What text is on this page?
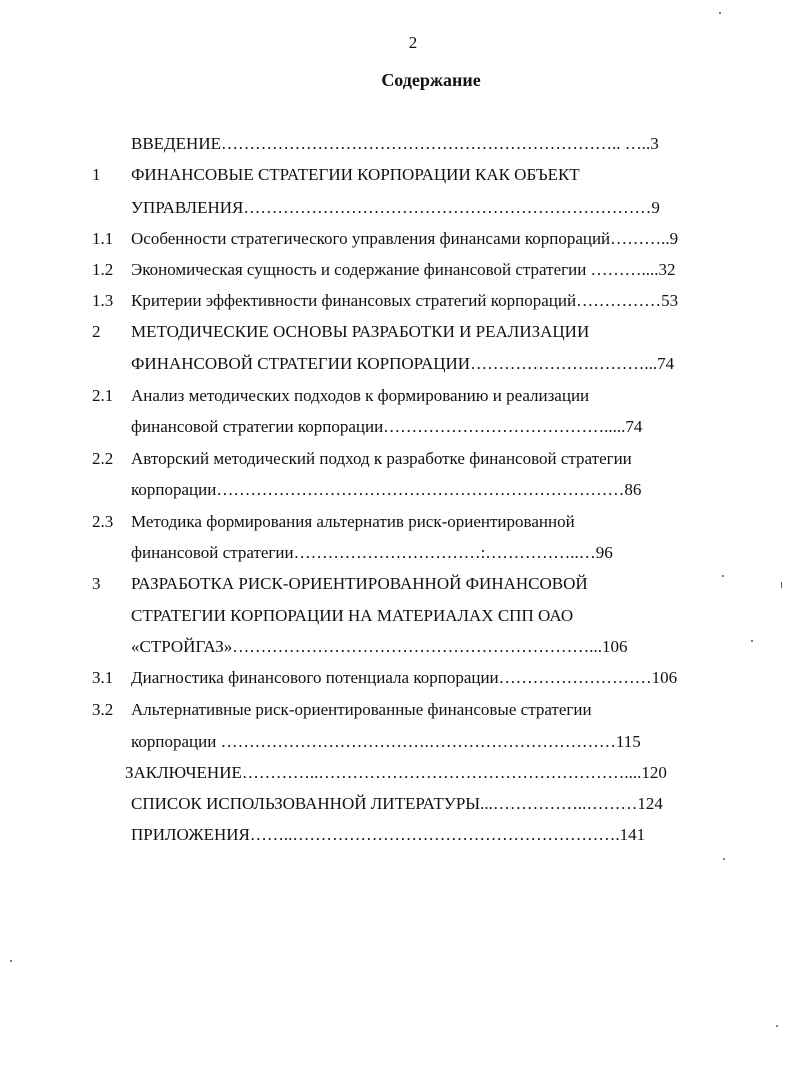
2
Содержание
ВВЕДЕНИЕ…………………………………………………………….. …..3
1 ФИНАНСОВЫЕ СТРАТЕГИИ КОРПОРАЦИИ КАК ОБЪЕКТ
УПРАВЛЕНИЯ………………………………………………………………9
1.1 Особенности стратегического управления финансами корпораций………..9
1.2 Экономическая сущность и содержание финансовой стратегии ………....32
1.3 Критерии эффективности финансовых стратегий корпораций……………53
2 МЕТОДИЧЕСКИЕ ОСНОВЫ РАЗРАБОТКИ И РЕАЛИЗАЦИИ
ФИНАНСОВОЙ СТРАТЕГИИ КОРПОРАЦИИ………………….………...74
2.1 Анализ методических подходов к формированию и реализации
финансовой стратегии корпорации………………………………….....74
2.2 Авторский методический подход к разработке финансовой стратегии
корпорации………………………………………………………………86
2.3 Методика формирования альтернатив риск-ориентированной
финансовой стратегии……………………………:……………..…96
3 РАЗРАБОТКА РИСК-ОРИЕНТИРОВАННОЙ ФИНАНСОВОЙ
СТРАТЕГИИ КОРПОРАЦИИ НА МАТЕРИАЛАХ СПП ОАО
«СТРОЙГАЗ»………………………………………………………...106
3.1 Диагностика финансового потенциала корпорации………………………106
3.2 Альтернативные риск-ориентированные финансовые стратегии
корпорации ……………………………….……………………………115
ЗАКЛЮЧЕНИЕ…………..………………………………………………....120
СПИСОК ИСПОЛЬЗОВАННОЙ ЛИТЕРАТУРЫ...……………..………124
ПРИЛОЖЕНИЯ……..………………………………………………….141
